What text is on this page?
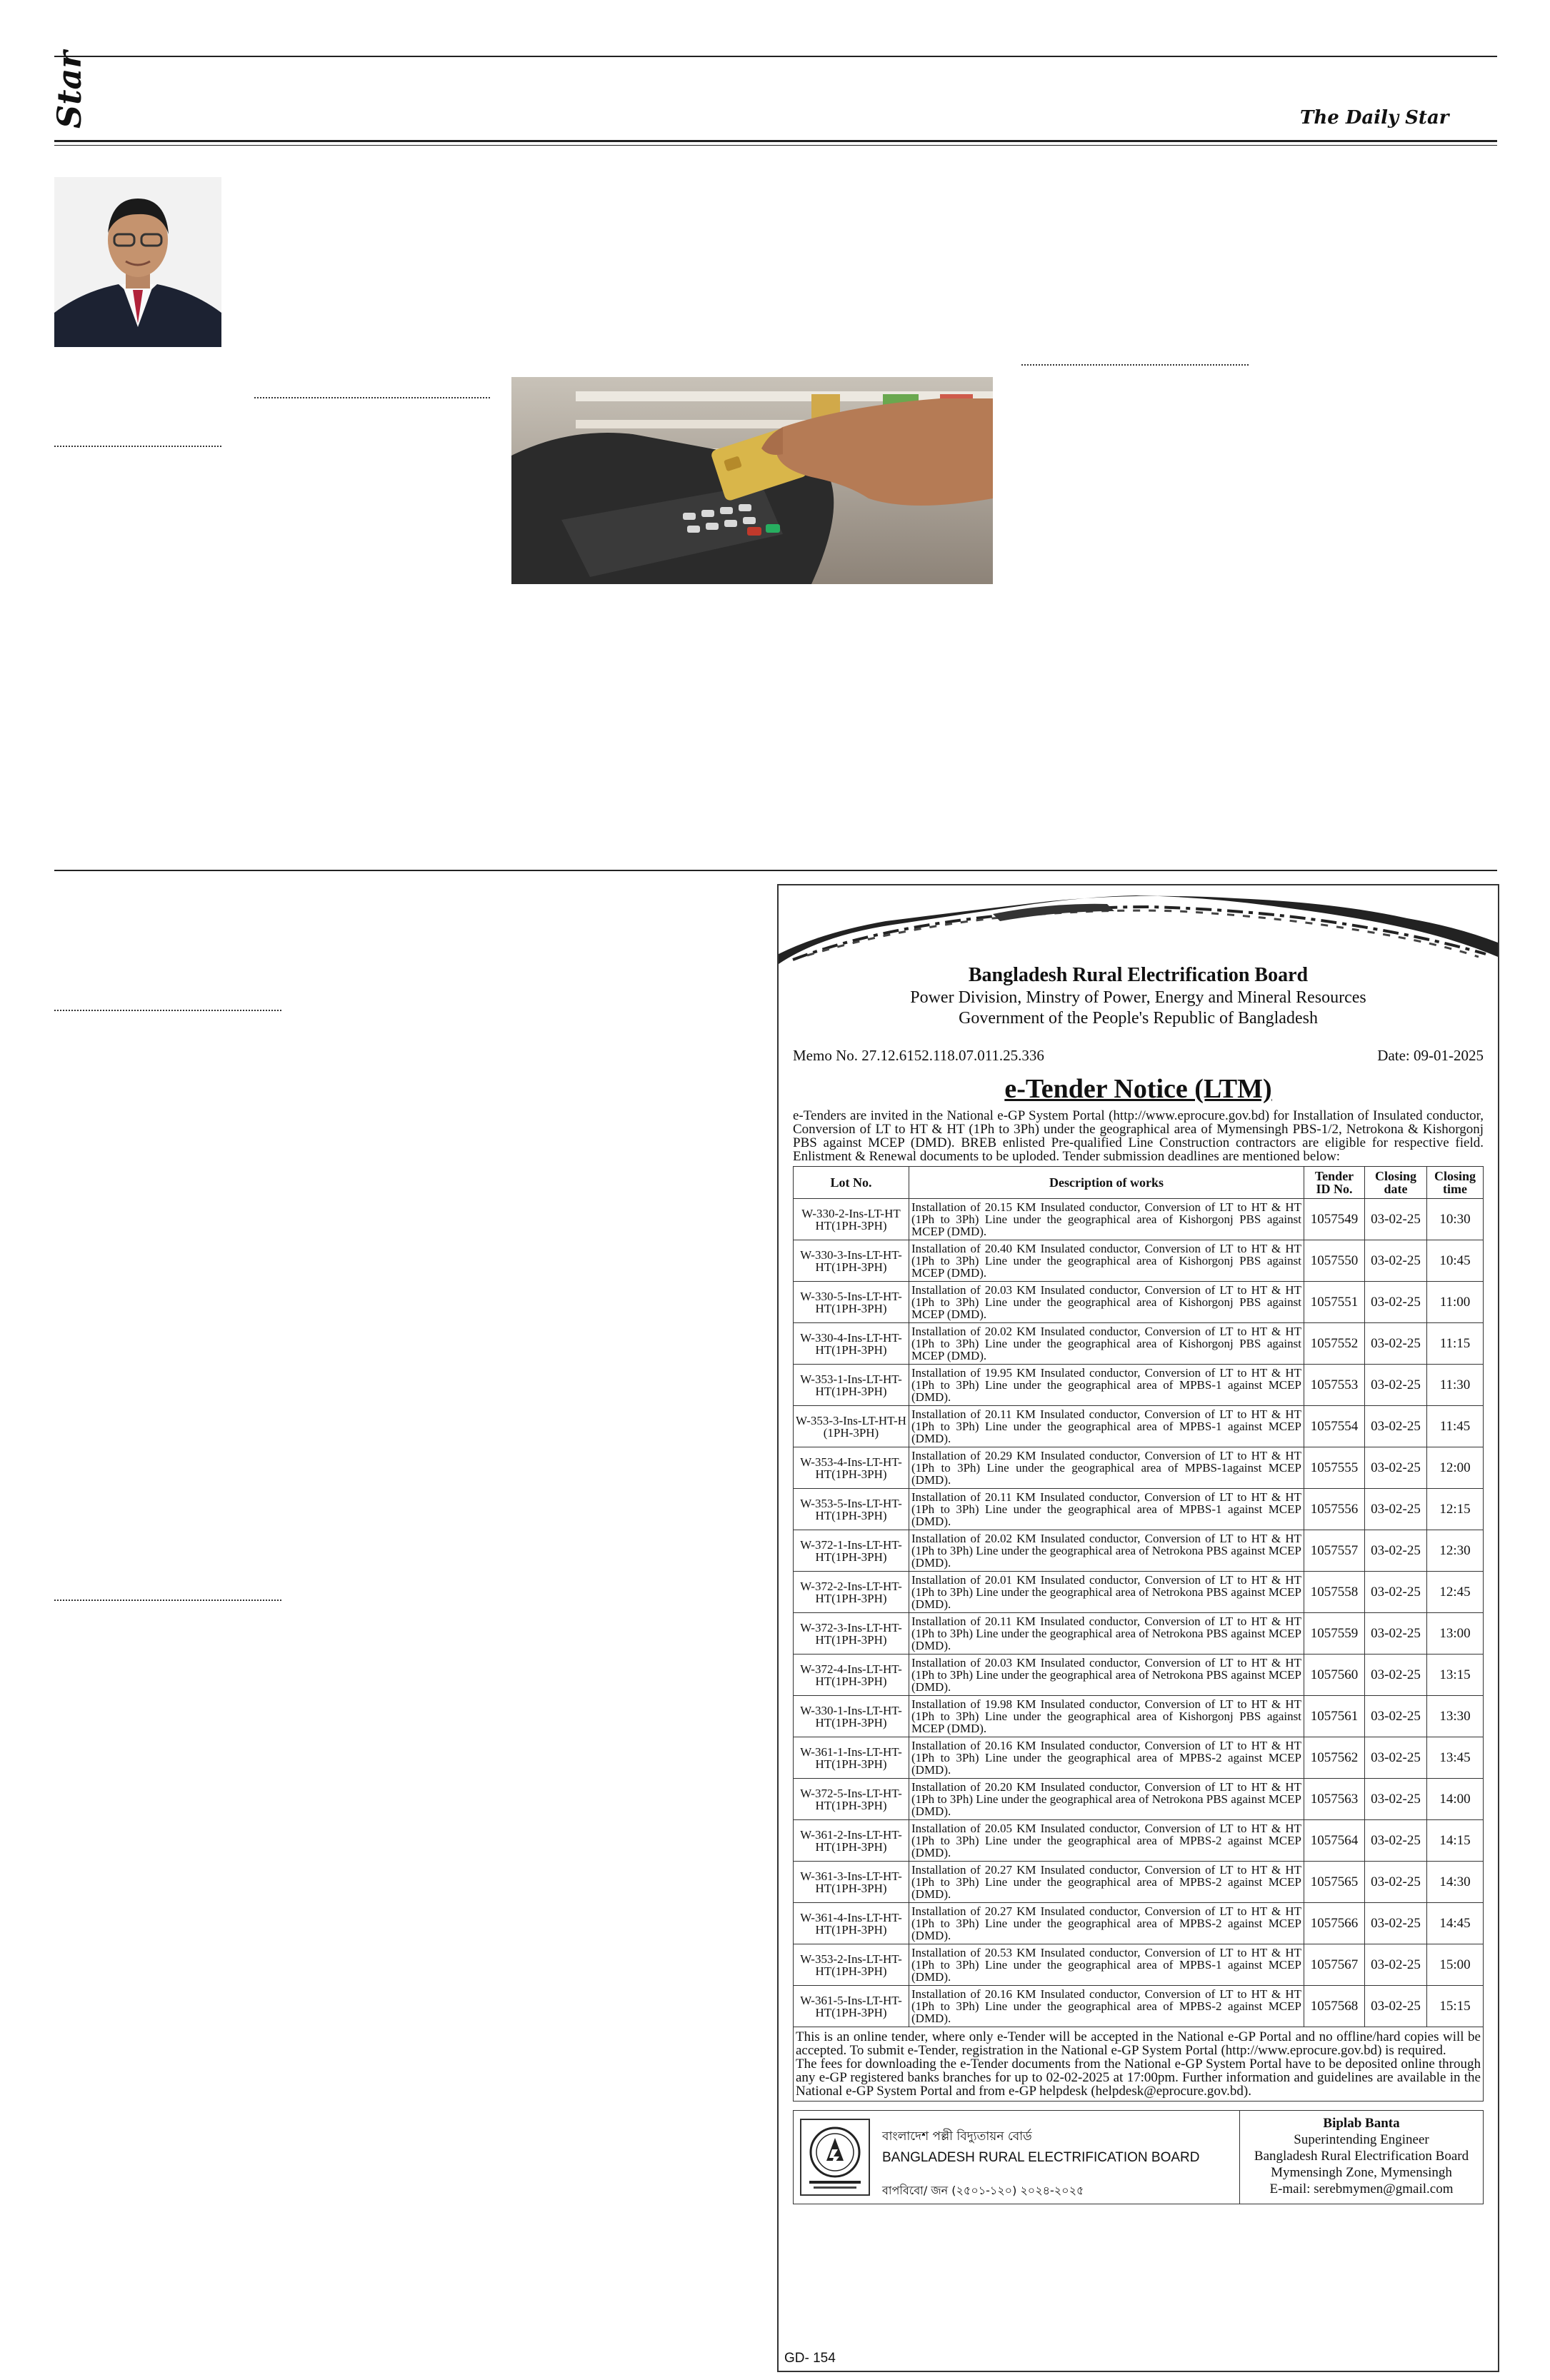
Star	The Daily Star

Bangladesh Rural Electrification Board

Power Division, Minstry of Power, Energy and Mineral Resources

Government of the People's Republic of Bangladesh

Memo No. 27.12.6152.118.07.011.25.336	Date: 09-01-2025
e-Tender Notice (LTM)
e-Tenders are invited in the National e-GP System Portal (http://www.eprocure.gov.bd) for Installation of Insulated conductor, Conversion of LT to HT & HT (1Ph to 3Ph) under the geographical area of Mymensingh PBS-1/2, Netrokona & Kishorgonj PBS against MCEP (DMD). BREB enlisted Pre-qualified Line Construction contractors are eligible for respective field. Enlistment & Renewal documents to be uploded. Tender submission deadlines are mentioned below:
Lot No.	Description of works	Tender ID No.	Closing date	Closing time
W-330-2-Ins-LT-HT HT(1PH-3PH)	Installation of 20.15 KM Insulated conductor, Conversion of LT to HT & HT (1Ph to 3Ph) Line under the geographical area of Kishorgonj PBS against MCEP (DMD).	1057549	03-02-25	10:30
W-330-3-Ins-LT-HT-HT(1PH-3PH)	Installation of 20.40 KM Insulated conductor, Conversion of LT to HT & HT (1Ph to 3Ph) Line under the geographical area of Kishorgonj PBS against MCEP (DMD).	1057550	03-02-25	10:45
W-330-5-Ins-LT-HT-HT(1PH-3PH)	Installation of 20.03 KM Insulated conductor, Conversion of LT to HT & HT (1Ph to 3Ph) Line under the geographical area of Kishorgonj PBS against MCEP (DMD).	1057551	03-02-25	11:00
W-330-4-Ins-LT-HT-HT(1PH-3PH)	Installation of 20.02 KM Insulated conductor, Conversion of LT to HT & HT (1Ph to 3Ph) Line under the geographical area of Kishorgonj PBS against MCEP (DMD).	1057552	03-02-25	11:15
W-353-1-Ins-LT-HT-HT(1PH-3PH)	Installation of 19.95 KM Insulated conductor, Conversion of LT to HT & HT (1Ph to 3Ph) Line under the geographical area of MPBS-1 against MCEP (DMD).	1057553	03-02-25	11:30
W-353-3-Ins-LT-HT-H (1PH-3PH)	Installation of 20.11 KM Insulated conductor, Conversion of LT to HT & HT (1Ph to 3Ph) Line under the geographical area of MPBS-1 against MCEP (DMD).	1057554	03-02-25	11:45
W-353-4-Ins-LT-HT-HT(1PH-3PH)	Installation of 20.29 KM Insulated conductor, Conversion of LT to HT & HT (1Ph to 3Ph) Line under the geographical area of MPBS-1against MCEP (DMD).	1057555	03-02-25	12:00
W-353-5-Ins-LT-HT-HT(1PH-3PH)	Installation of 20.11 KM Insulated conductor, Conversion of LT to HT & HT (1Ph to 3Ph) Line under the geographical area of MPBS-1 against MCEP (DMD).	1057556	03-02-25	12:15
W-372-1-Ins-LT-HT-HT(1PH-3PH)	Installation of 20.02 KM Insulated conductor, Conversion of LT to HT & HT (1Ph to 3Ph) Line under the geographical area of Netrokona PBS against MCEP (DMD).	1057557	03-02-25	12:30
W-372-2-Ins-LT-HT-HT(1PH-3PH)	Installation of 20.01 KM Insulated conductor, Conversion of LT to HT & HT (1Ph to 3Ph) Line under the geographical area of Netrokona PBS against MCEP (DMD).	1057558	03-02-25	12:45
W-372-3-Ins-LT-HT-HT(1PH-3PH)	Installation of 20.11 KM Insulated conductor, Conversion of LT to HT & HT (1Ph to 3Ph) Line under the geographical area of Netrokona PBS against MCEP (DMD).	1057559	03-02-25	13:00
W-372-4-Ins-LT-HT-HT(1PH-3PH)	Installation of 20.03 KM Insulated conductor, Conversion of LT to HT & HT (1Ph to 3Ph) Line under the geographical area of Netrokona PBS against MCEP (DMD).	1057560	03-02-25	13:15
W-330-1-Ins-LT-HT-HT(1PH-3PH)	Installation of 19.98 KM Insulated conductor, Conversion of LT to HT & HT (1Ph to 3Ph) Line under the geographical area of Kishorgonj PBS against MCEP (DMD).	1057561	03-02-25	13:30
W-361-1-Ins-LT-HT-HT(1PH-3PH)	Installation of 20.16 KM Insulated conductor, Conversion of LT to HT & HT (1Ph to 3Ph) Line under the geographical area of MPBS-2 against MCEP (DMD).	1057562	03-02-25	13:45
W-372-5-Ins-LT-HT-HT(1PH-3PH)	Installation of 20.20 KM Insulated conductor, Conversion of LT to HT & HT (1Ph to 3Ph) Line under the geographical area of Netrokona PBS against MCEP (DMD).	1057563	03-02-25	14:00
W-361-2-Ins-LT-HT-HT(1PH-3PH)	Installation of 20.05 KM Insulated conductor, Conversion of LT to HT & HT (1Ph to 3Ph) Line under the geographical area of MPBS-2 against MCEP (DMD).	1057564	03-02-25	14:15
W-361-3-Ins-LT-HT-HT(1PH-3PH)	Installation of 20.27 KM Insulated conductor, Conversion of LT to HT & HT (1Ph to 3Ph) Line under the geographical area of MPBS-2 against MCEP (DMD).	1057565	03-02-25	14:30
W-361-4-Ins-LT-HT-HT(1PH-3PH)	Installation of 20.27 KM Insulated conductor, Conversion of LT to HT & HT (1Ph to 3Ph) Line under the geographical area of MPBS-2 against MCEP (DMD).	1057566	03-02-25	14:45
W-353-2-Ins-LT-HT-HT(1PH-3PH)	Installation of 20.53 KM Insulated conductor, Conversion of LT to HT & HT (1Ph to 3Ph) Line under the geographical area of MPBS-1 against MCEP (DMD).	1057567	03-02-25	15:00
W-361-5-Ins-LT-HT-HT(1PH-3PH)	Installation of 20.16 KM Insulated conductor, Conversion of LT to HT & HT (1Ph to 3Ph) Line under the geographical area of MPBS-2 against MCEP (DMD).	1057568	03-02-25	15:15
This is an online tender, where only e-Tender will be accepted in the National e-GP Portal and no offline/hard copies will be accepted. To submit e-Tender, registration in the National e-GP System Portal (http://www.eprocure.gov.bd) is required.
The fees for downloading the e-Tender documents from the National e-GP System Portal have to be deposited online through any e-GP registered banks branches for up to 02-02-2025 at 17:00pm. Further information and guidelines are available in the National e-GP System Portal and from e-GP helpdesk (helpdesk@eprocure.gov.bd).
বাংলাদেশ পল্লী বিদ্যুতায়ন বোর্ড
BANGLADESH RURAL ELECTRIFICATION BOARD
বাপবিবো/ জন (২৫০১-১২০) ২০২৪-২০২৫
Biplab Banta
Superintending Engineer
Bangladesh Rural Electrification Board
Mymensingh Zone, Mymensingh
E-mail: serebmymen@gmail.com
GD- 154
